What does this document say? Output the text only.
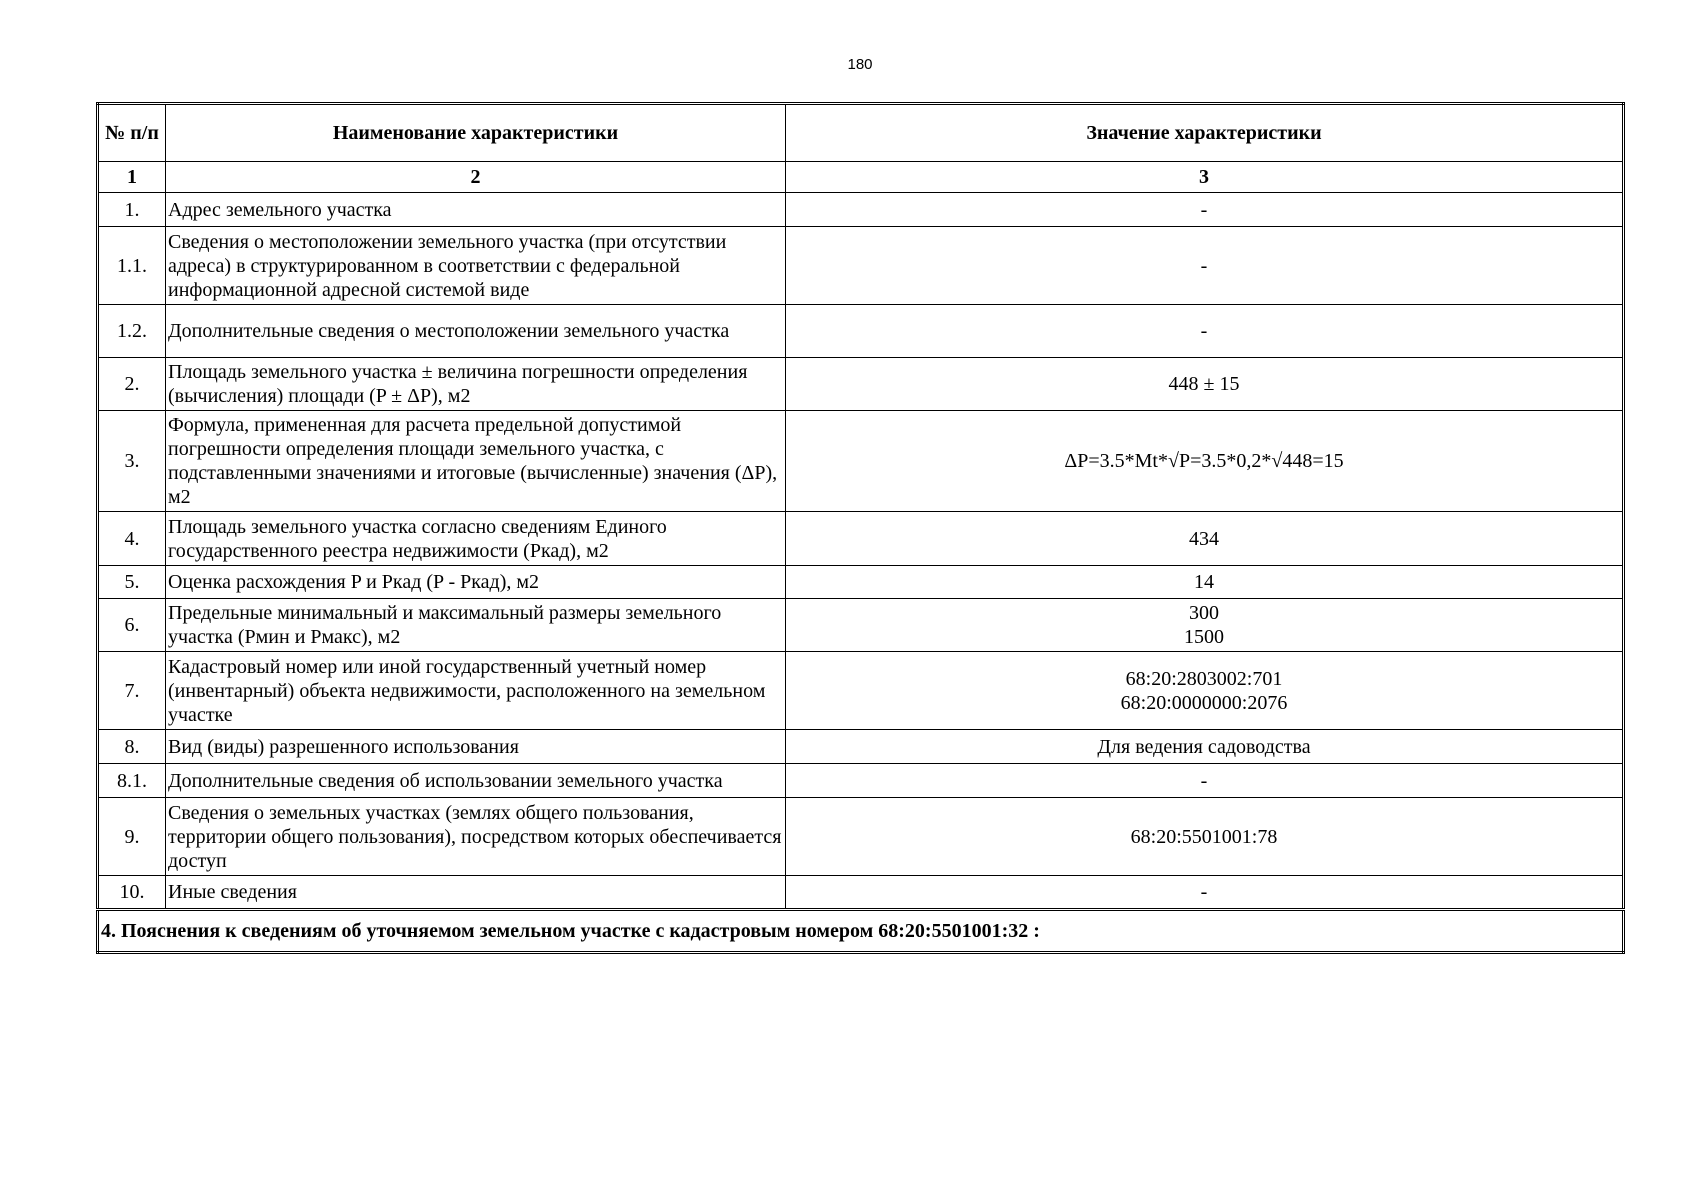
180
№ п/п	Наименование характеристики	Значение характеристики
1	2	3
1.	Адрес земельного участка	-
1.1.	Сведения о местоположении земельного участка (при отсутствии адреса) в структурированном в соответствии с федеральной информационной адресной системой виде	-
1.2.	Дополнительные сведения о местоположении земельного участка	-
2.	Площадь земельного участка ± величина погрешности определения (вычисления) площади (P ± ΔP), м2	448 ± 15
3.	Формула, примененная для расчета предельной допустимой погрешности определения площади земельного участка, с подставленными значениями и итоговые (вычисленные) значения (ΔP), м2	ΔP=3.5*Mt*√P=3.5*0,2*√448=15
4.	Площадь земельного участка согласно сведениям Единого государственного реестра недвижимости (Pкад), м2	434
5.	Оценка расхождения P и Pкад (P - Pкад), м2	14
6.	Предельные минимальный и максимальный размеры земельного участка (Pмин и Pмакс), м2	300
1500
7.	Кадастровый номер или иной государственный учетный номер (инвентарный) объекта недвижимости, расположенного на земельном участке	68:20:2803002:701
68:20:0000000:2076
8.	Вид (виды) разрешенного использования	Для ведения садоводства
8.1.	Дополнительные сведения об использовании земельного участка	-
9.	Сведения о земельных участках (землях общего пользования, территории общего пользования), посредством которых обеспечивается доступ	68:20:5501001:78
10.	Иные сведения	-
4. Пояснения к сведениям об уточняемом земельном участке с кадастровым номером 68:20:5501001:32 :		
